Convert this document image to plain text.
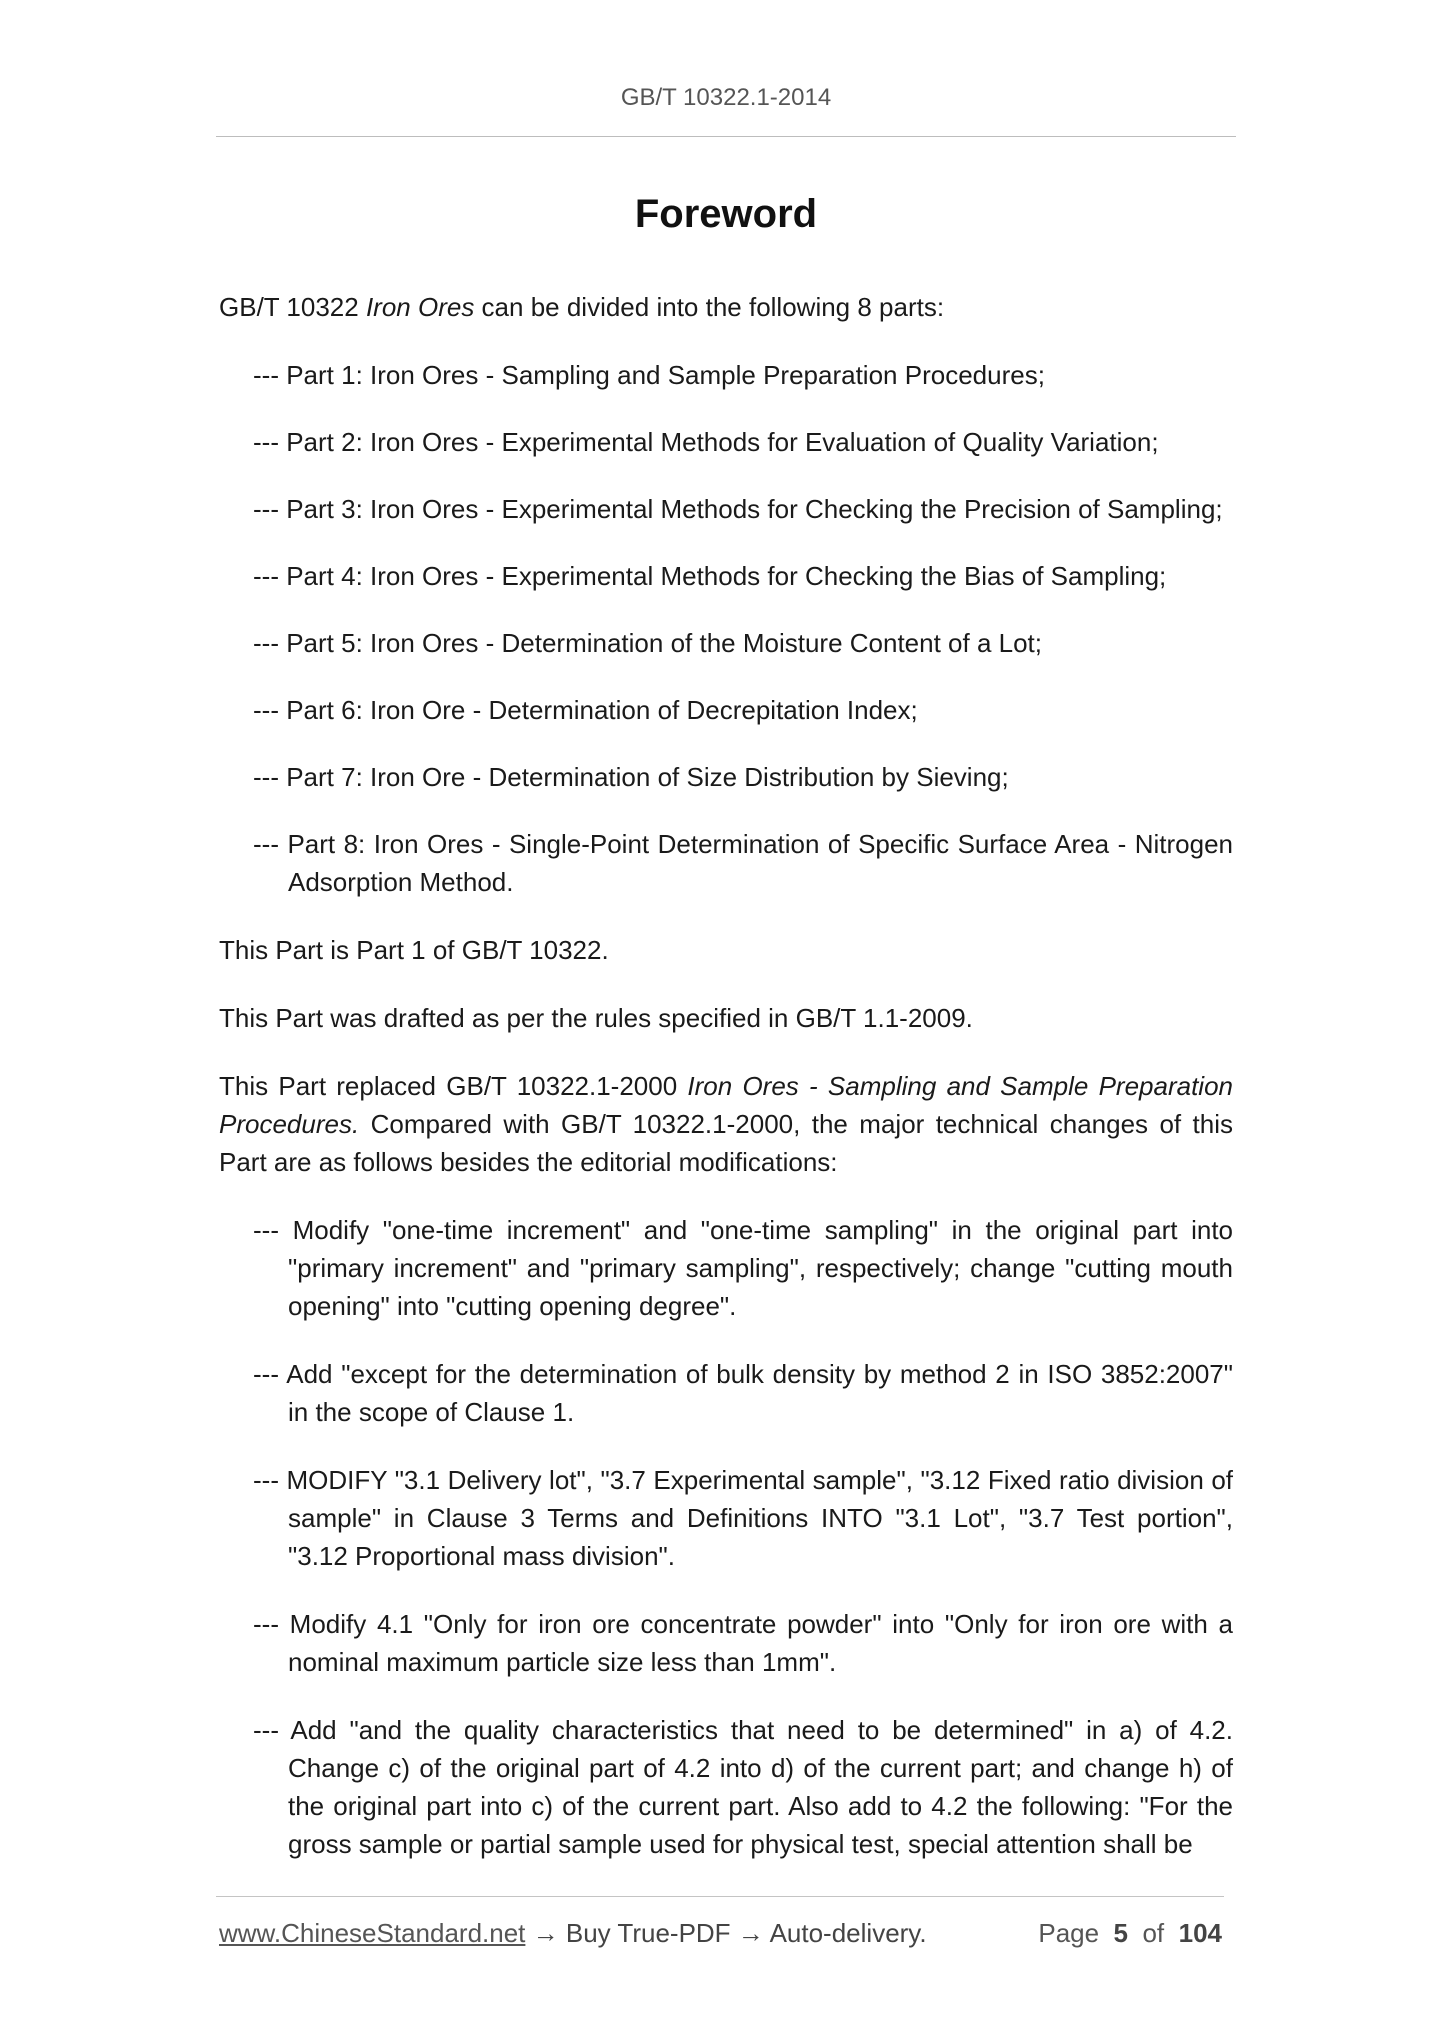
GB/T 10322.1-2014
Foreword

GB/T 10322 Iron Ores can be divided into the following 8 parts:

--- Part 1: Iron Ores - Sampling and Sample Preparation Procedures;

--- Part 2: Iron Ores - Experimental Methods for Evaluation of Quality Variation;

--- Part 3: Iron Ores - Experimental Methods for Checking the Precision of Sampling;

--- Part 4: Iron Ores - Experimental Methods for Checking the Bias of Sampling;

--- Part 5: Iron Ores - Determination of the Moisture Content of a Lot;

--- Part 6: Iron Ore - Determination of Decrepitation Index;

--- Part 7: Iron Ore - Determination of Size Distribution by Sieving;

--- Part 8: Iron Ores - Single-Point Determination of Specific Surface Area - Nitrogen Adsorption Method.

This Part is Part 1 of GB/T 10322.

This Part was drafted as per the rules specified in GB/T 1.1-2009.

This Part replaced GB/T 10322.1-2000 Iron Ores - Sampling and Sample Preparation Procedures. Compared with GB/T 10322.1-2000, the major technical changes of this Part are as follows besides the editorial modifications:

--- Modify "one-time increment" and "one-time sampling" in the original part into "primary increment" and "primary sampling", respectively; change "cutting mouth opening" into "cutting opening degree".

--- Add "except for the determination of bulk density by method 2 in ISO 3852:2007" in the scope of Clause 1.

--- MODIFY "3.1 Delivery lot", "3.7 Experimental sample", "3.12 Fixed ratio division of sample" in Clause 3 Terms and Definitions INTO "3.1 Lot", "3.7 Test portion", "3.12 Proportional mass division".

--- Modify 4.1 "Only for iron ore concentrate powder" into "Only for iron ore with a nominal maximum particle size less than 1mm".

--- Add "and the quality characteristics that need to be determined" in a) of 4.2. Change c) of the original part of 4.2 into d) of the current part; and change h) of the original part into c) of the current part. Also add to 4.2 the following: "For the gross sample or partial sample used for physical test, special attention shall be

www.ChineseStandard.net → Buy True-PDF → Auto-delivery.	Page 5 of 104
